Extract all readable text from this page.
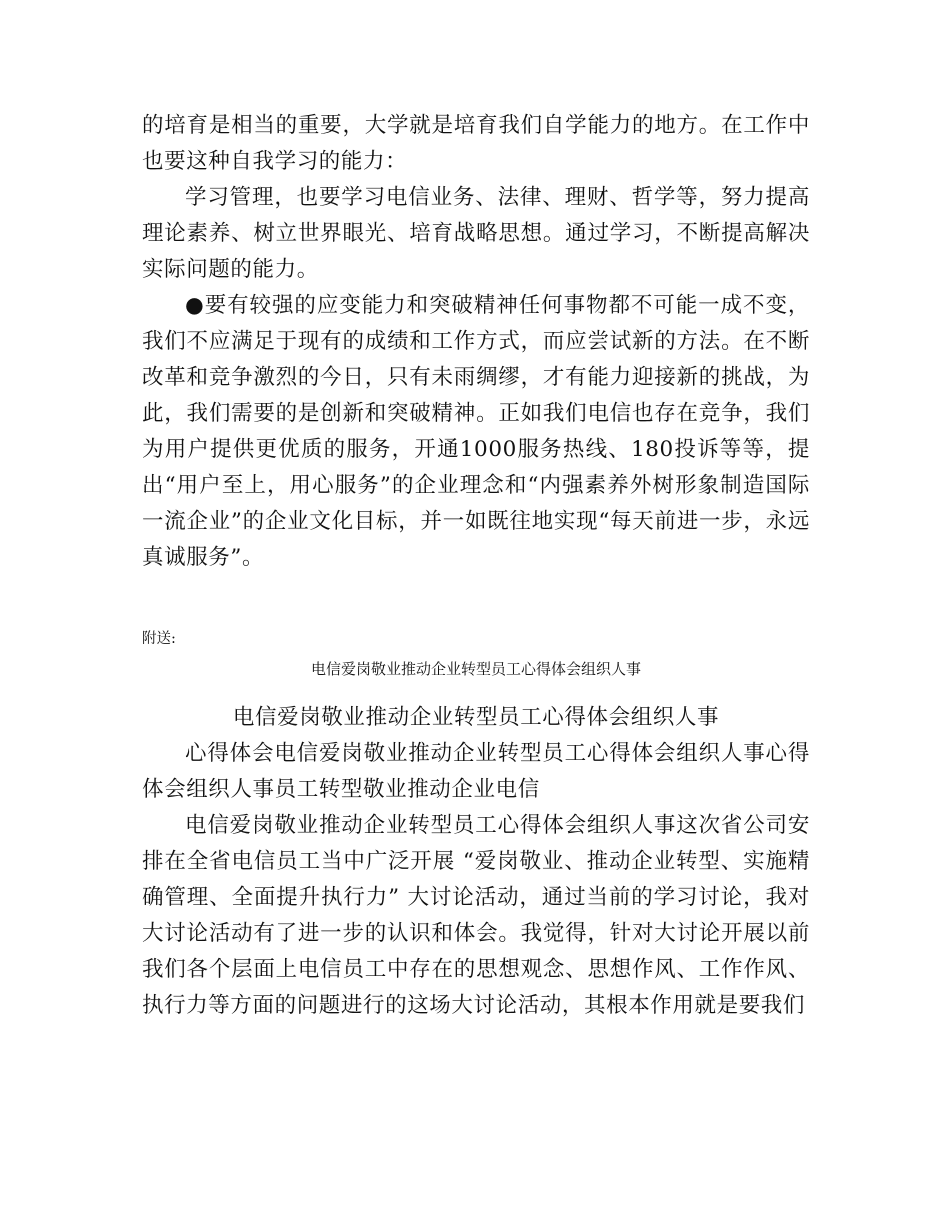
的培育是相当的重要，大学就是培育我们自学能力的地方。在工作中也要这种自我学习的能力：

学习管理，也要学习电信业务、法律、理财、哲学等，努力提高理论素养、树立世界眼光、培育战略思想。通过学习，不断提高解决实际问题的能力。

●要有较强的应变能力和突破精神任何事物都不可能一成不变，我们不应满足于现有的成绩和工作方式，而应尝试新的方法。在不断改革和竞争激烈的今日，只有未雨绸缪，才有能力迎接新的挑战，为此，我们需要的是创新和突破精神。正如我们电信也存在竞争，我们为用户提供更优质的服务，开通1000服务热线、180投诉等等，提出“用户至上，用心服务”的企业理念和“内强素养外树形象制造国际一流企业”的企业文化目标，并一如既往地实现“每天前进一步，永远真诚服务”。

附送:

电信爱岗敬业推动企业转型员工心得体会组织人事

电信爱岗敬业推动企业转型员工心得体会组织人事

心得体会电信爱岗敬业推动企业转型员工心得体会组织人事心得体会组织人事员工转型敬业推动企业电信

电信爱岗敬业推动企业转型员工心得体会组织人事这次省公司安排在全省电信员工当中广泛开展 “爱岗敬业、推动企业转型、实施精确管理、全面提升执行力” 大讨论活动，通过当前的学习讨论，我对大讨论活动有了进一步的认识和体会。我觉得，针对大讨论开展以前我们各个层面上电信员工中存在的思想观念、思想作风、工作作风、执行力等方面的问题进行的这场大讨论活动，其根本作用就是要我们
